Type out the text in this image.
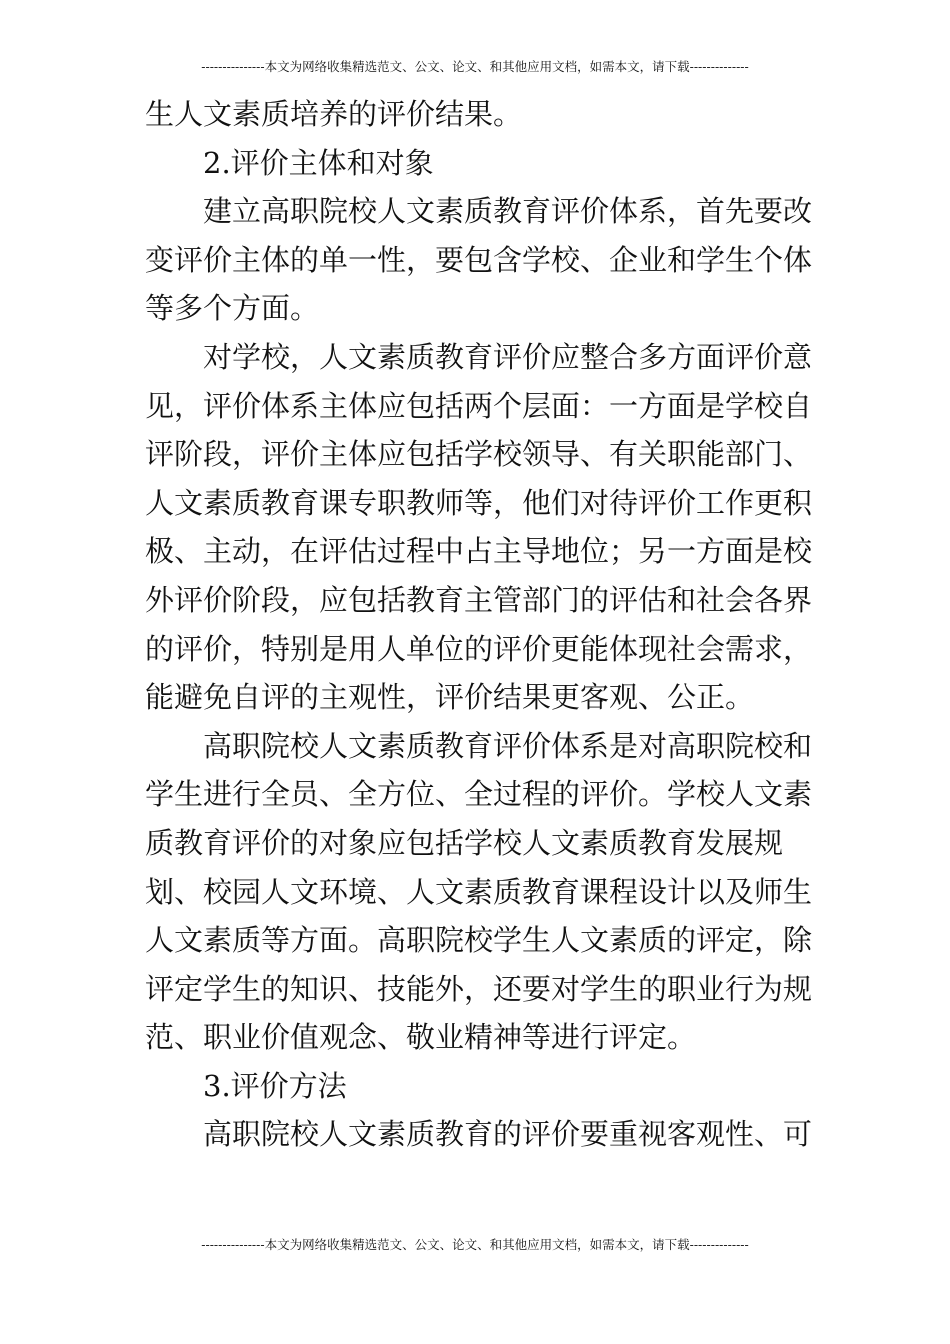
---------------本文为网络收集精选范文、公文、论文、和其他应用文档，如需本文，请下载--------------
生人文素质培养的评价结果。
2.评价主体和对象
建立高职院校人文素质教育评价体系，首先要改
变评价主体的单一性，要包含学校、企业和学生个体
等多个方面。
对学校，人文素质教育评价应整合多方面评价意
见，评价体系主体应包括两个层面：一方面是学校自
评阶段，评价主体应包括学校领导、有关职能部门、
人文素质教育课专职教师等，他们对待评价工作更积
极、主动，在评估过程中占主导地位；另一方面是校
外评价阶段，应包括教育主管部门的评估和社会各界
的评价，特别是用人单位的评价更能体现社会需求，
能避免自评的主观性，评价结果更客观、公正。
高职院校人文素质教育评价体系是对高职院校和
学生进行全员、全方位、全过程的评价。学校人文素
质教育评价的对象应包括学校人文素质教育发展规
划、校园人文环境、人文素质教育课程设计以及师生
人文素质等方面。高职院校学生人文素质的评定，除
评定学生的知识、技能外，还要对学生的职业行为规
范、职业价值观念、敬业精神等进行评定。
3.评价方法
高职院校人文素质教育的评价要重视客观性、可
---------------本文为网络收集精选范文、公文、论文、和其他应用文档，如需本文，请下载--------------
